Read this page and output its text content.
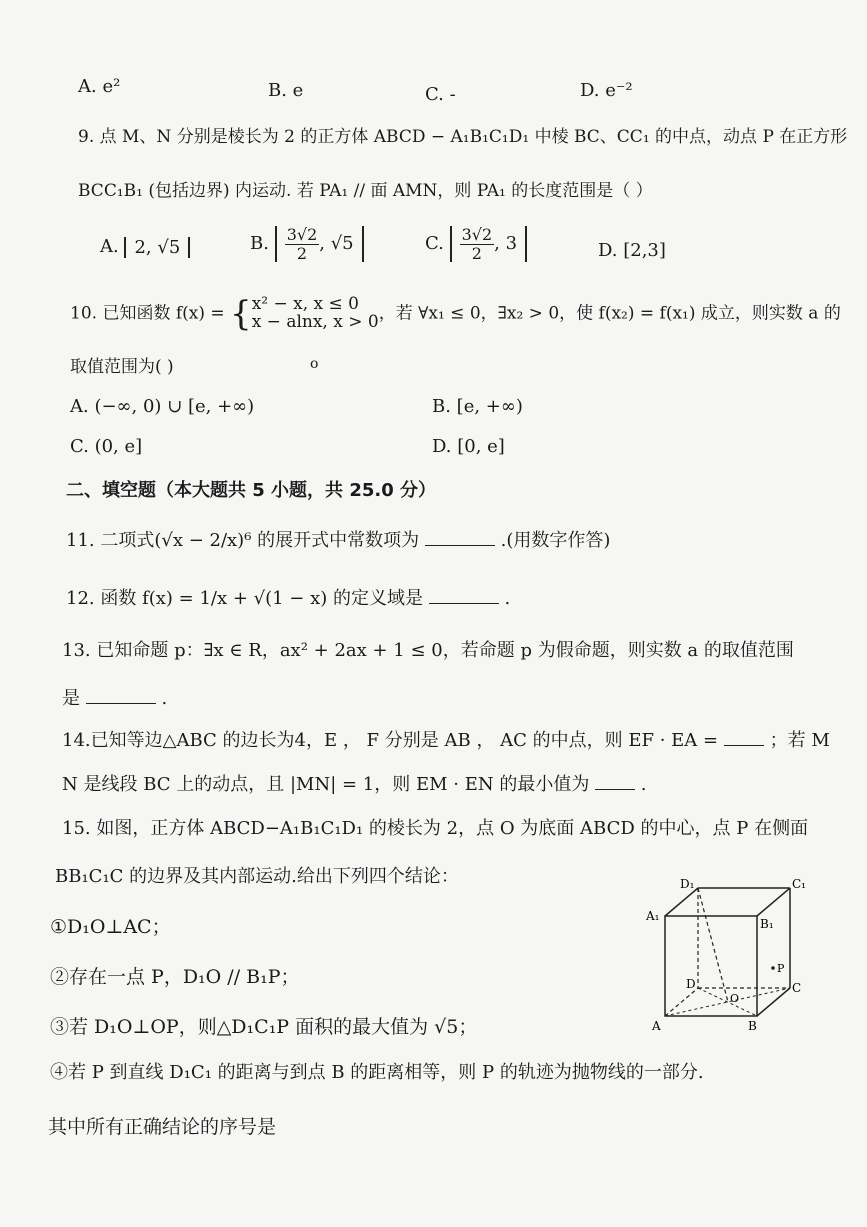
A. e²	B. e	C. -	D. e⁻²
9. 点 M、N 分别是棱长为 2 的正方体 ABCD − A₁B₁C₁D₁ 中棱 BC、CC₁ 的中点，动点 P 在正方形
BCC₁B₁ (包括边界) 内运动. 若 PA₁ // 面 AMN，则 PA₁ 的长度范围是（ ）
A. 2, √5	B. $\frac{3√2}{2}$ , √5	C. $\frac{3√2}{2}$ , 3	D. [2,3]
10. 已知函数 f(x) = { x² − x, x ≤ 0
x − alnx, x > 0 ，若 ∀x₁ ≤ 0，∃x₂ > 0，使 f(x₂) = f(x₁) 成立，则实数 a 的
取值范围为( )	o
A. (−∞, 0) ∪ [e, +∞)	B. [e, +∞)
C. (0, e]	D. [0, e]
二、填空题（本大题共 5 小题，共 25.0 分）
11. 二项式(√x − 2/x)⁶ 的展开式中常数项为	.(用数字作答)
12. 函数 f(x) = 1/x + √(1 − x) 的定义域是	.
13. 已知命题 p：∃x ∈ R，ax² + 2ax + 1 ≤ 0，若命题 p 为假命题，则实数 a 的取值范围
是	.
14.已知等边△ABC 的边长为4，E ， F 分别是 AB ， AC 的中点，则 EF · EA =	；若 M
N 是线段 BC 上的动点，且 |MN| = 1，则 EM · EN 的最小值为	.
15. 如图，正方体 ABCD−A₁B₁C₁D₁ 的棱长为 2，点 O 为底面 ABCD 的中心，点 P 在侧面
BB₁C₁C 的边界及其内部运动.给出下列四个结论：
①D₁O⊥AC；
②存在一点 P，D₁O // B₁P；
③若 D₁O⊥OP，则△D₁C₁P 面积的最大值为 √5；
④若 P 到直线 D₁C₁ 的距离与到点 B 的距离相等，则 P 的轨迹为抛物线的一部分.
其中所有正确结论的序号是
D₁	C₁
A₁
B₁
D	C
A	B
O
P
